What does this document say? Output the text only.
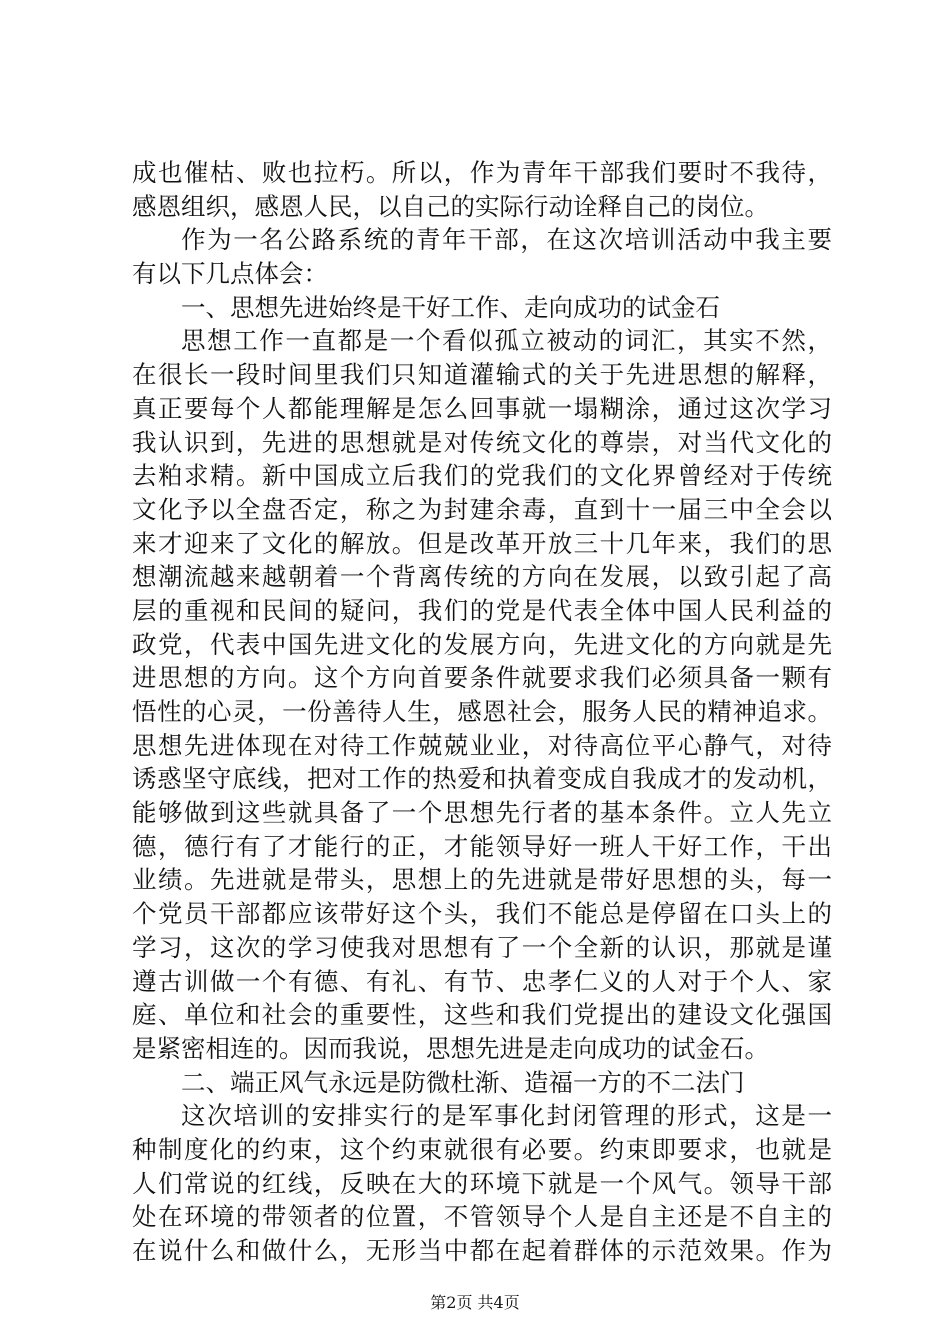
成也催枯、败也拉朽。所以，作为青年干部我们要时不我待，
感恩组织，感恩人民，以自己的实际行动诠释自己的岗位。
作为一名公路系统的青年干部，在这次培训活动中我主要
有以下几点体会：
一、思想先进始终是干好工作、走向成功的试金石
思想工作一直都是一个看似孤立被动的词汇，其实不然，
在很长一段时间里我们只知道灌输式的关于先进思想的解释，
真正要每个人都能理解是怎么回事就一塌糊涂，通过这次学习
我认识到，先进的思想就是对传统文化的尊崇，对当代文化的
去粕求精。新中国成立后我们的党我们的文化界曾经对于传统
文化予以全盘否定，称之为封建余毒，直到十一届三中全会以
来才迎来了文化的解放。但是改革开放三十几年来，我们的思
想潮流越来越朝着一个背离传统的方向在发展，以致引起了高
层的重视和民间的疑问，我们的党是代表全体中国人民利益的
政党，代表中国先进文化的发展方向，先进文化的方向就是先
进思想的方向。这个方向首要条件就要求我们必须具备一颗有
悟性的心灵，一份善待人生，感恩社会，服务人民的精神追求。
思想先进体现在对待工作兢兢业业，对待高位平心静气，对待
诱惑坚守底线，把对工作的热爱和执着变成自我成才的发动机，
能够做到这些就具备了一个思想先行者的基本条件。立人先立
德，德行有了才能行的正，才能领导好一班人干好工作，干出
业绩。先进就是带头，思想上的先进就是带好思想的头，每一
个党员干部都应该带好这个头，我们不能总是停留在口头上的
学习，这次的学习使我对思想有了一个全新的认识，那就是谨
遵古训做一个有德、有礼、有节、忠孝仁义的人对于个人、家
庭、单位和社会的重要性，这些和我们党提出的建设文化强国
是紧密相连的。因而我说，思想先进是走向成功的试金石。
二、端正风气永远是防微杜渐、造福一方的不二法门
这次培训的安排实行的是军事化封闭管理的形式，这是一
种制度化的约束，这个约束就很有必要。约束即要求，也就是
人们常说的红线，反映在大的环境下就是一个风气。领导干部
处在环境的带领者的位置，不管领导个人是自主还是不自主的
在说什么和做什么，无形当中都在起着群体的示范效果。作为
第2页 共4页
